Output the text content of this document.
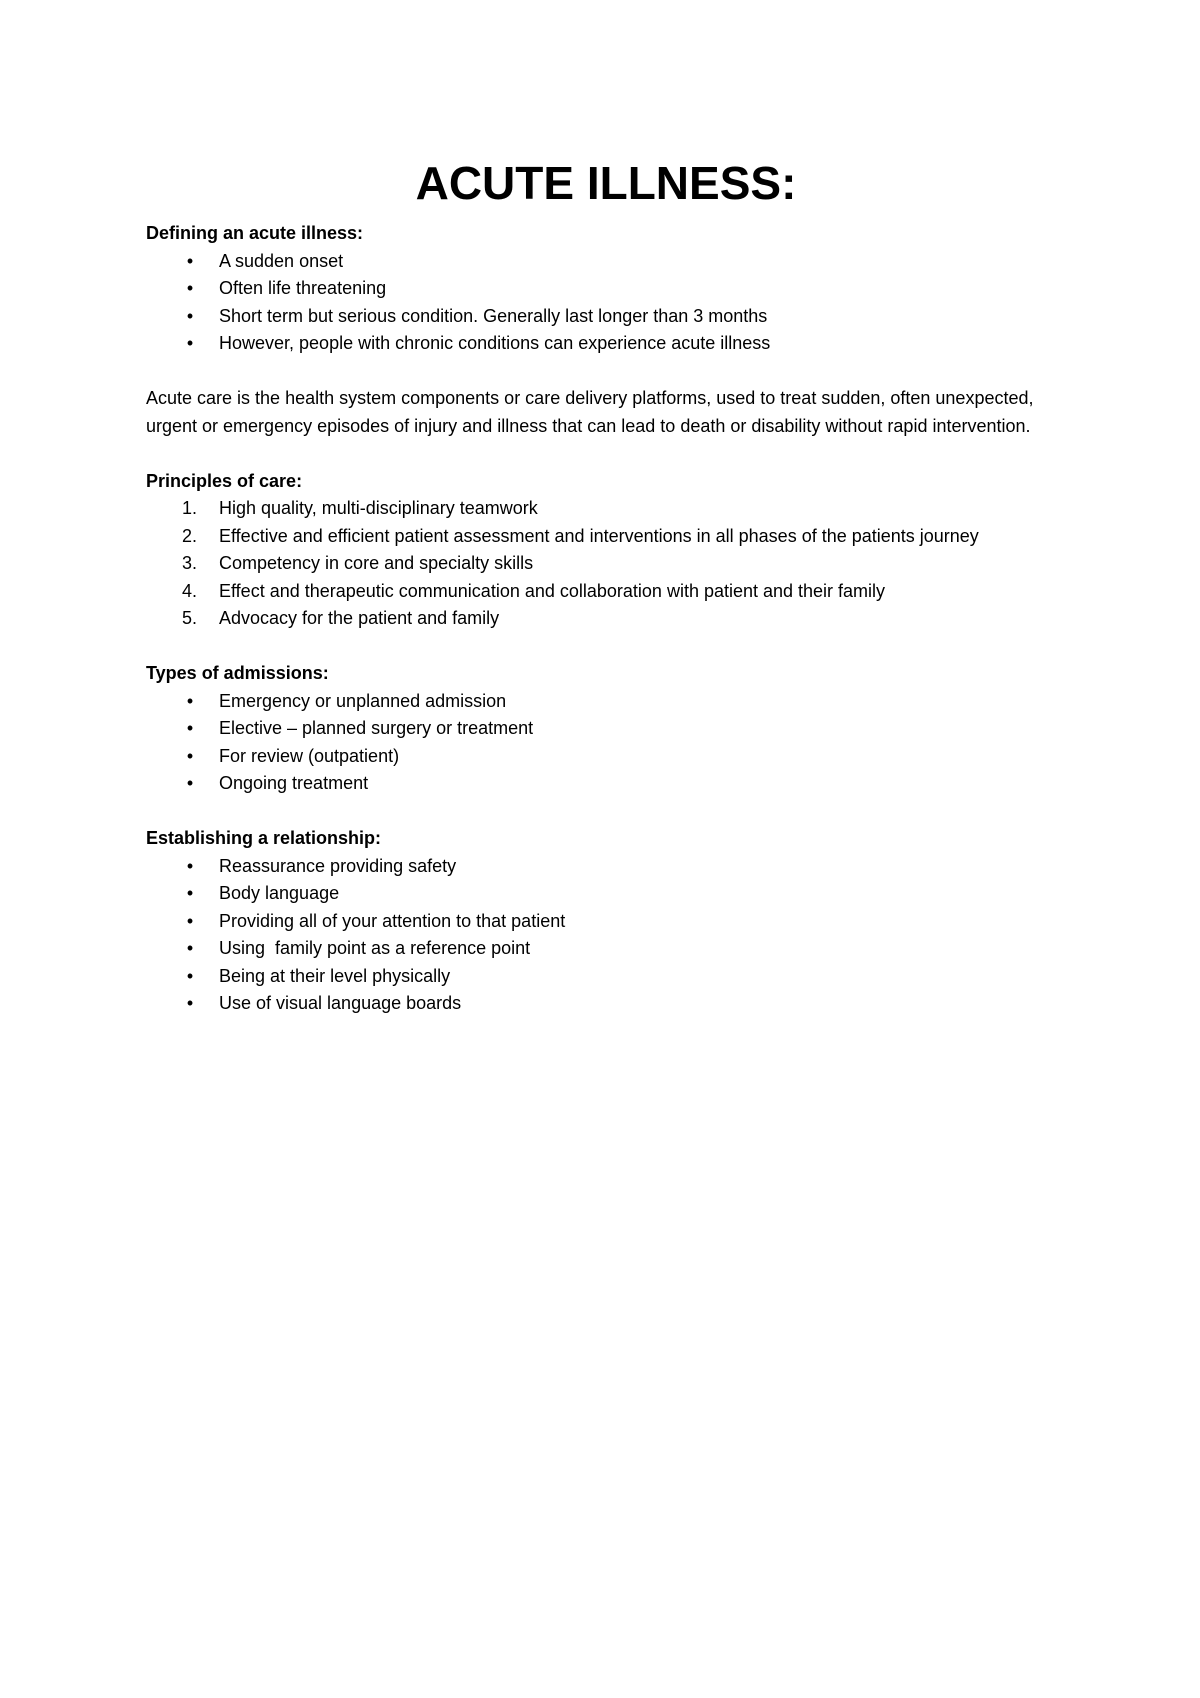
ACUTE ILLNESS:

Defining an acute illness:

• A sudden onset
• Often life threatening
• Short term but serious condition. Generally last longer than 3 months
• However, people with chronic conditions can experience acute illness

Acute care is the health system components or care delivery platforms, used to treat sudden, often unexpected, urgent or emergency episodes of injury and illness that can lead to death or disability without rapid intervention.

Principles of care:

1.	High quality, multi-disciplinary teamwork
2.	Effective and efficient patient assessment and interventions in all phases of the patients journey
3.	Competency in core and specialty skills
4.	Effect and therapeutic communication and collaboration with patient and their family
5.	Advocacy for the patient and family

Types of admissions:

• Emergency or unplanned admission
• Elective – planned surgery or treatment
• For review (outpatient)
• Ongoing treatment

Establishing a relationship:

• Reassurance providing safety
• Body language
• Providing all of your attention to that patient
• Using  family point as a reference point
• Being at their level physically
• Use of visual language boards
